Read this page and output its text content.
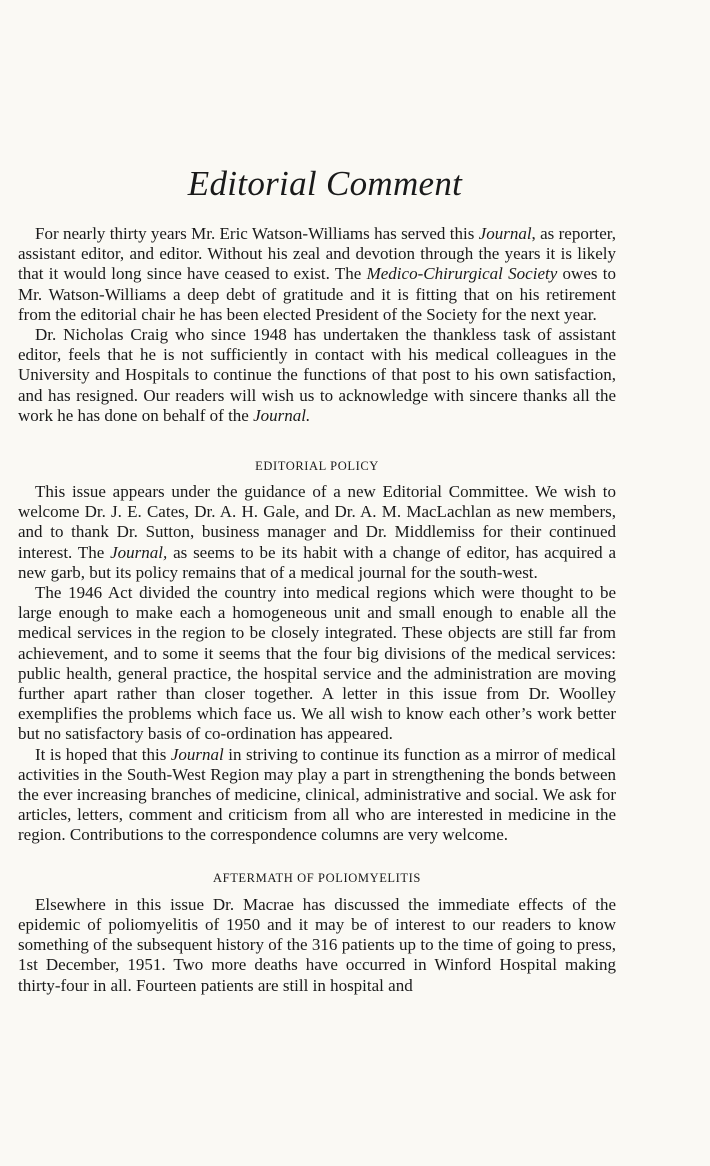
Editorial Comment

For nearly thirty years Mr. Eric Watson-Williams has served this Journal, as reporter, assistant editor, and editor. Without his zeal and devotion through the years it is likely that it would long since have ceased to exist. The Medico-Chirurgical Society owes to Mr. Watson-Williams a deep debt of gratitude and it is fitting that on his retirement from the editorial chair he has been elected President of the Society for the next year.

Dr. Nicholas Craig who since 1948 has undertaken the thankless task of assistant editor, feels that he is not sufficiently in contact with his medical colleagues in the University and Hospitals to continue the functions of that post to his own satisfaction, and has resigned. Our readers will wish us to acknowledge with sincere thanks all the work he has done on behalf of the Journal.

EDITORIAL POLICY

This issue appears under the guidance of a new Editorial Committee. We wish to welcome Dr. J. E. Cates, Dr. A. H. Gale, and Dr. A. M. MacLachlan as new members, and to thank Dr. Sutton, business manager and Dr. Middlemiss for their continued interest. The Journal, as seems to be its habit with a change of editor, has acquired a new garb, but its policy remains that of a medical journal for the south-west.

The 1946 Act divided the country into medical regions which were thought to be large enough to make each a homogeneous unit and small enough to enable all the medical services in the region to be closely integrated. These objects are still far from achievement, and to some it seems that the four big divisions of the medical services: public health, general practice, the hospital service and the administration are moving further apart rather than closer together. A letter in this issue from Dr. Woolley exemplifies the problems which face us. We all wish to know each other’s work better but no satisfactory basis of co-ordination has appeared.

It is hoped that this Journal in striving to continue its function as a mirror of medical activities in the South-West Region may play a part in strengthening the bonds between the ever increasing branches of medicine, clinical, administrative and social. We ask for articles, letters, comment and criticism from all who are interested in medicine in the region. Contributions to the correspondence columns are very welcome.

AFTERMATH OF POLIOMYELITIS

Elsewhere in this issue Dr. Macrae has discussed the immediate effects of the epidemic of poliomyelitis of 1950 and it may be of interest to our readers to know something of the subsequent history of the 316 patients up to the time of going to press, 1st December, 1951. Two more deaths have occurred in Winford Hospital making thirty-four in all. Fourteen patients are still in hospital and
